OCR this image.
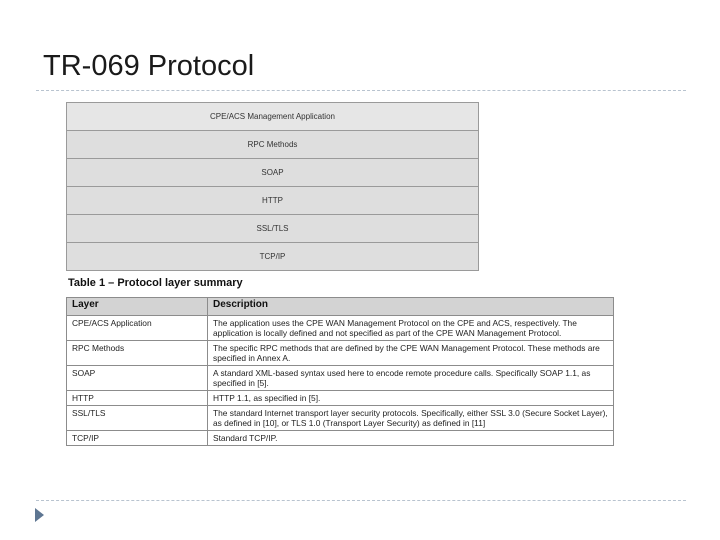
TR-069 Protocol
CPE/ACS Management Application
RPC Methods
SOAP
HTTP
SSL/TLS
TCP/IP

Table 1 – Protocol layer summary

Layer	Description
CPE/ACS Application	The application uses the CPE WAN Management Protocol on the CPE and ACS, respectively. The application is locally defined and not specified as part of the CPE WAN Management Protocol.
RPC Methods	The specific RPC methods that are defined by the CPE WAN Management Protocol. These methods are specified in Annex A.
SOAP	A standard XML-based syntax used here to encode remote procedure calls. Specifically SOAP 1.1, as specified in [5].
HTTP	HTTP 1.1, as specified in [5].
SSL/TLS	The standard Internet transport layer security protocols. Specifically, either SSL 3.0 (Secure Socket Layer), as defined in [10], or TLS 1.0 (Transport Layer Security) as defined in [11]
TCP/IP	Standard TCP/IP.
